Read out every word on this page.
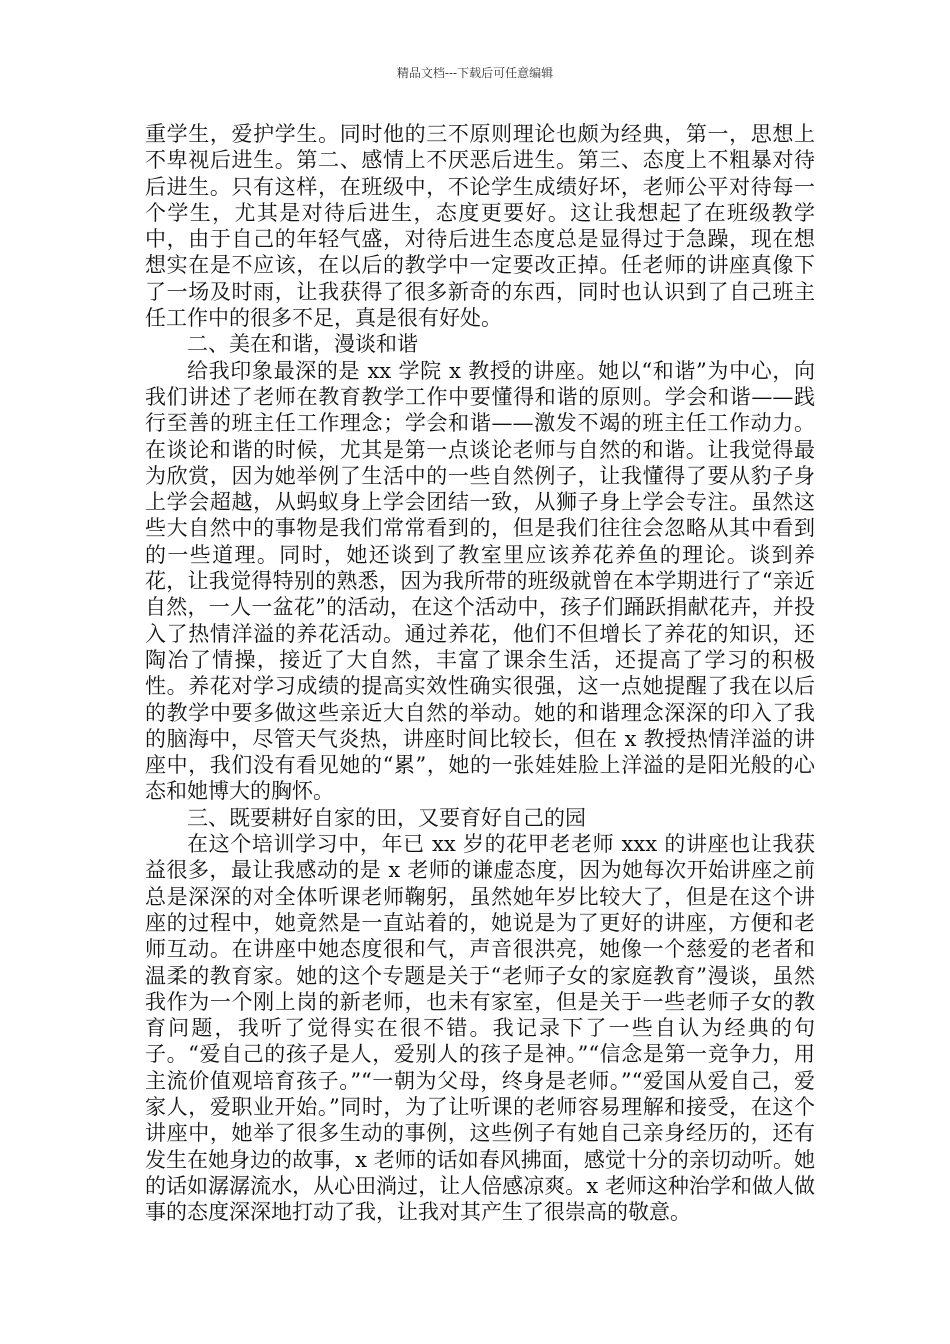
精品文档---下载后可任意编辑

重学生，爱护学生。同时他的三不原则理论也颇为经典，第一，思想上不卑视后进生。第二、感情上不厌恶后进生。第三、态度上不粗暴对待后进生。只有这样，在班级中，不论学生成绩好坏，老师公平对待每一个学生，尤其是对待后进生，态度更要好。这让我想起了在班级教学中，由于自己的年轻气盛，对待后进生态度总是显得过于急躁，现在想想实在是不应该，在以后的教学中一定要改正掉。任老师的讲座真像下了一场及时雨，让我获得了很多新奇的东西，同时也认识到了自己班主任工作中的很多不足，真是很有好处。

二、美在和谐，漫谈和谐

给我印象最深的是 xx 学院 x 教授的讲座。她以“和谐”为中心，向我们讲述了老师在教育教学工作中要懂得和谐的原则。学会和谐——践行至善的班主任工作理念；学会和谐——激发不竭的班主任工作动力。在谈论和谐的时候，尤其是第一点谈论老师与自然的和谐。让我觉得最为欣赏，因为她举例了生活中的一些自然例子，让我懂得了要从豹子身上学会超越，从蚂蚁身上学会团结一致，从狮子身上学会专注。虽然这些大自然中的事物是我们常常看到的，但是我们往往会忽略从其中看到的一些道理。同时，她还谈到了教室里应该养花养鱼的理论。谈到养花，让我觉得特别的熟悉，因为我所带的班级就曾在本学期进行了“亲近自然，一人一盆花”的活动，在这个活动中，孩子们踊跃捐献花卉，并投入了热情洋溢的养花活动。通过养花，他们不但增长了养花的知识，还陶冶了情操，接近了大自然，丰富了课余生活，还提高了学习的积极性。养花对学习成绩的提高实效性确实很强，这一点她提醒了我在以后的教学中要多做这些亲近大自然的举动。她的和谐理念深深的印入了我的脑海中，尽管天气炎热，讲座时间比较长，但在 x 教授热情洋溢的讲座中，我们没有看见她的“累”，她的一张娃娃脸上洋溢的是阳光般的心态和她博大的胸怀。

三、既要耕好自家的田，又要育好自己的园

在这个培训学习中，年已 xx 岁的花甲老老师 xxx 的讲座也让我获益很多，最让我感动的是 x 老师的谦虚态度，因为她每次开始讲座之前总是深深的对全体听课老师鞠躬，虽然她年岁比较大了，但是在这个讲座的过程中，她竟然是一直站着的，她说是为了更好的讲座，方便和老师互动。在讲座中她态度很和气，声音很洪亮，她像一个慈爱的老者和温柔的教育家。她的这个专题是关于“老师子女的家庭教育”漫谈，虽然我作为一个刚上岗的新老师，也未有家室，但是关于一些老师子女的教育问题，我听了觉得实在很不错。我记录下了一些自认为经典的句子。“爱自己的孩子是人，爱别人的孩子是神。”“信念是第一竞争力，用主流价值观培育孩子。”“一朝为父母，终身是老师。”“爱国从爱自己，爱家人，爱职业开始。”同时，为了让听课的老师容易理解和接受，在这个讲座中，她举了很多生动的事例，这些例子有她自己亲身经历的，还有发生在她身边的故事，x 老师的话如春风拂面，感觉十分的亲切动听。她的话如潺潺流水，从心田淌过，让人倍感凉爽。x 老师这种治学和做人做事的态度深深地打动了我，让我对其产生了很崇高的敬意。
